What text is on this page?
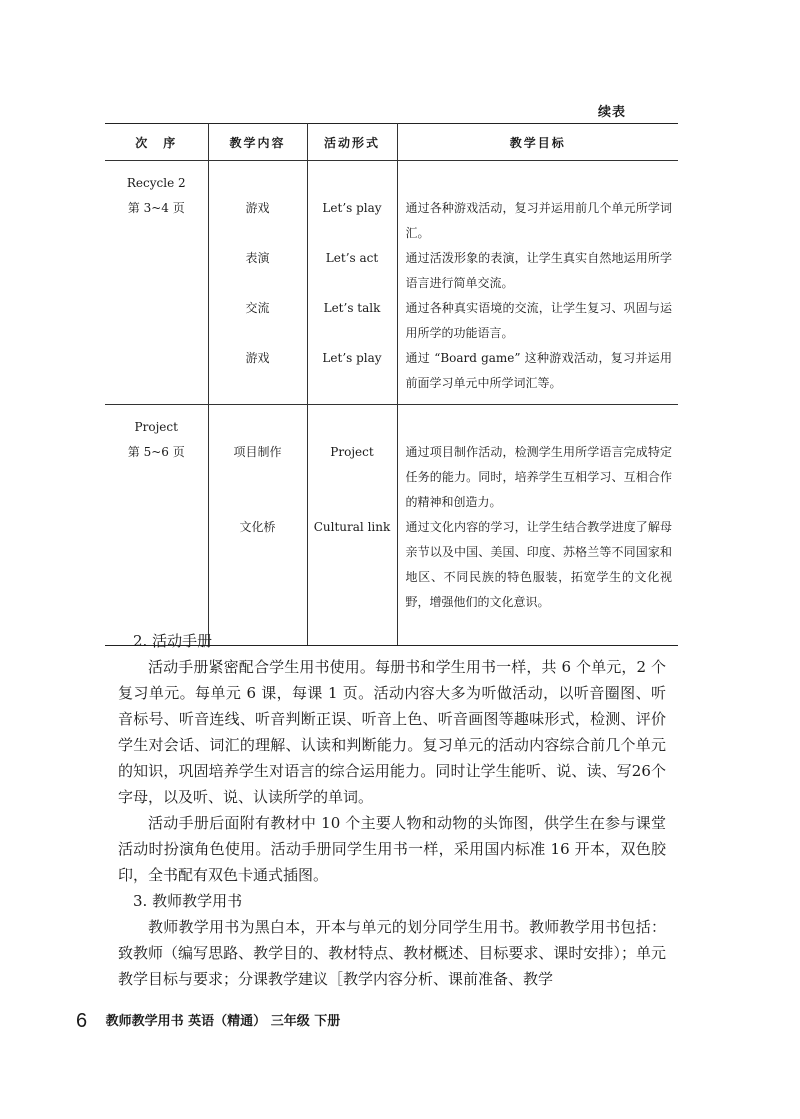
续表
次　序	教学内容	活动形式	教学目标

Recycle 2
第 3~4 页	游戏	Let’s play	通过各种游戏活动，复习并运用前几个单元所学词汇。

	表演	Let’s act	通过活泼形象的表演，让学生真实自然地运用所学语言进行简单交流。

	交流	Let’s talk	通过各种真实语境的交流，让学生复习、巩固与运用所学的功能语言。

	游戏	Let’s play	通过 “Board game” 这种游戏活动，复习并运用前面学习单元中所学词汇等。

Project
第 5~6 页	项目制作	Project	通过项目制作活动，检测学生用所学语言完成特定任务的能力。同时，培养学生互相学习、互相合作的精神和创造力。

	文化桥	Cultural link	通过文化内容的学习，让学生结合教学进度了解母亲节以及中国、美国、印度、苏格兰等不同国家和地区、不同民族的特色服装，拓宽学生的文化视野，增强他们的文化意识。

2. 活动手册

活动手册紧密配合学生用书使用。每册书和学生用书一样，共 6 个单元，2 个复习单元。每单元 6 课，每课 1 页。活动内容大多为听做活动，以听音圈图、听音标号、听音连线、听音判断正误、听音上色、听音画图等趣味形式，检测、评价学生对会话、词汇的理解、认读和判断能力。复习单元的活动内容综合前几个单元的知识，巩固培养学生对语言的综合运用能力。同时让学生能听、说、读、写26个字母，以及听、说、认读所学的单词。

活动手册后面附有教材中 10 个主要人物和动物的头饰图，供学生在参与课堂活动时扮演角色使用。活动手册同学生用书一样，采用国内标准 16 开本，双色胶印，全书配有双色卡通式插图。

3. 教师教学用书

教师教学用书为黑白本，开本与单元的划分同学生用书。教师教学用书包括：致教师（编写思路、教学目的、教材特点、教材概述、目标要求、课时安排）；单元教学目标与要求；分课教学建议［教学内容分析、课前准备、教学

6 教师教学用书 英语（精通） 三年级 下册
